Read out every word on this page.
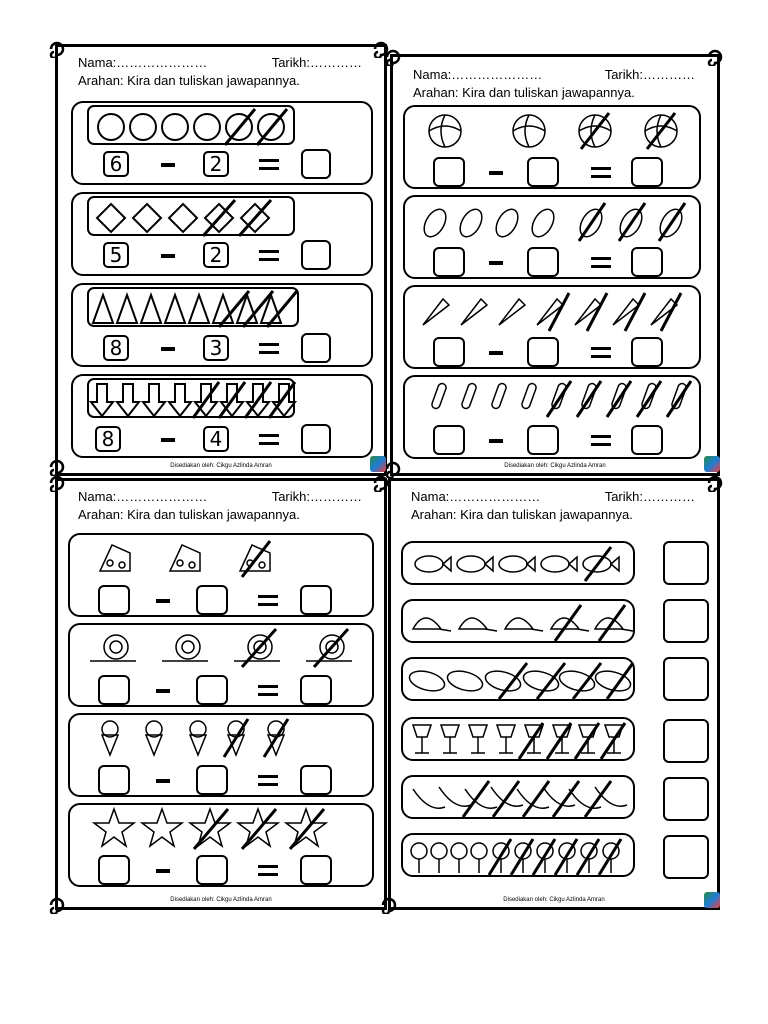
Nama:…………………	Tarikh:…………
Arahan: Kira dan tuliskan jawapannya.
6	2
5	2
8	3
8	4
Disediakan oleh: Cikgu Azlinda Amran
Nama:…………………	Tarikh:…………
Arahan: Kira dan tuliskan jawapannya.
Disediakan oleh: Cikgu Azlinda Amran
Nama:…………………	Tarikh:…………
Arahan: Kira dan tuliskan jawapannya.
Disediakan oleh: Cikgu Azlinda Amran
Nama:…………………	Tarikh:…………
Arahan: Kira dan tuliskan jawapannya.
Disediakan oleh: Cikgu Azlinda Amran
